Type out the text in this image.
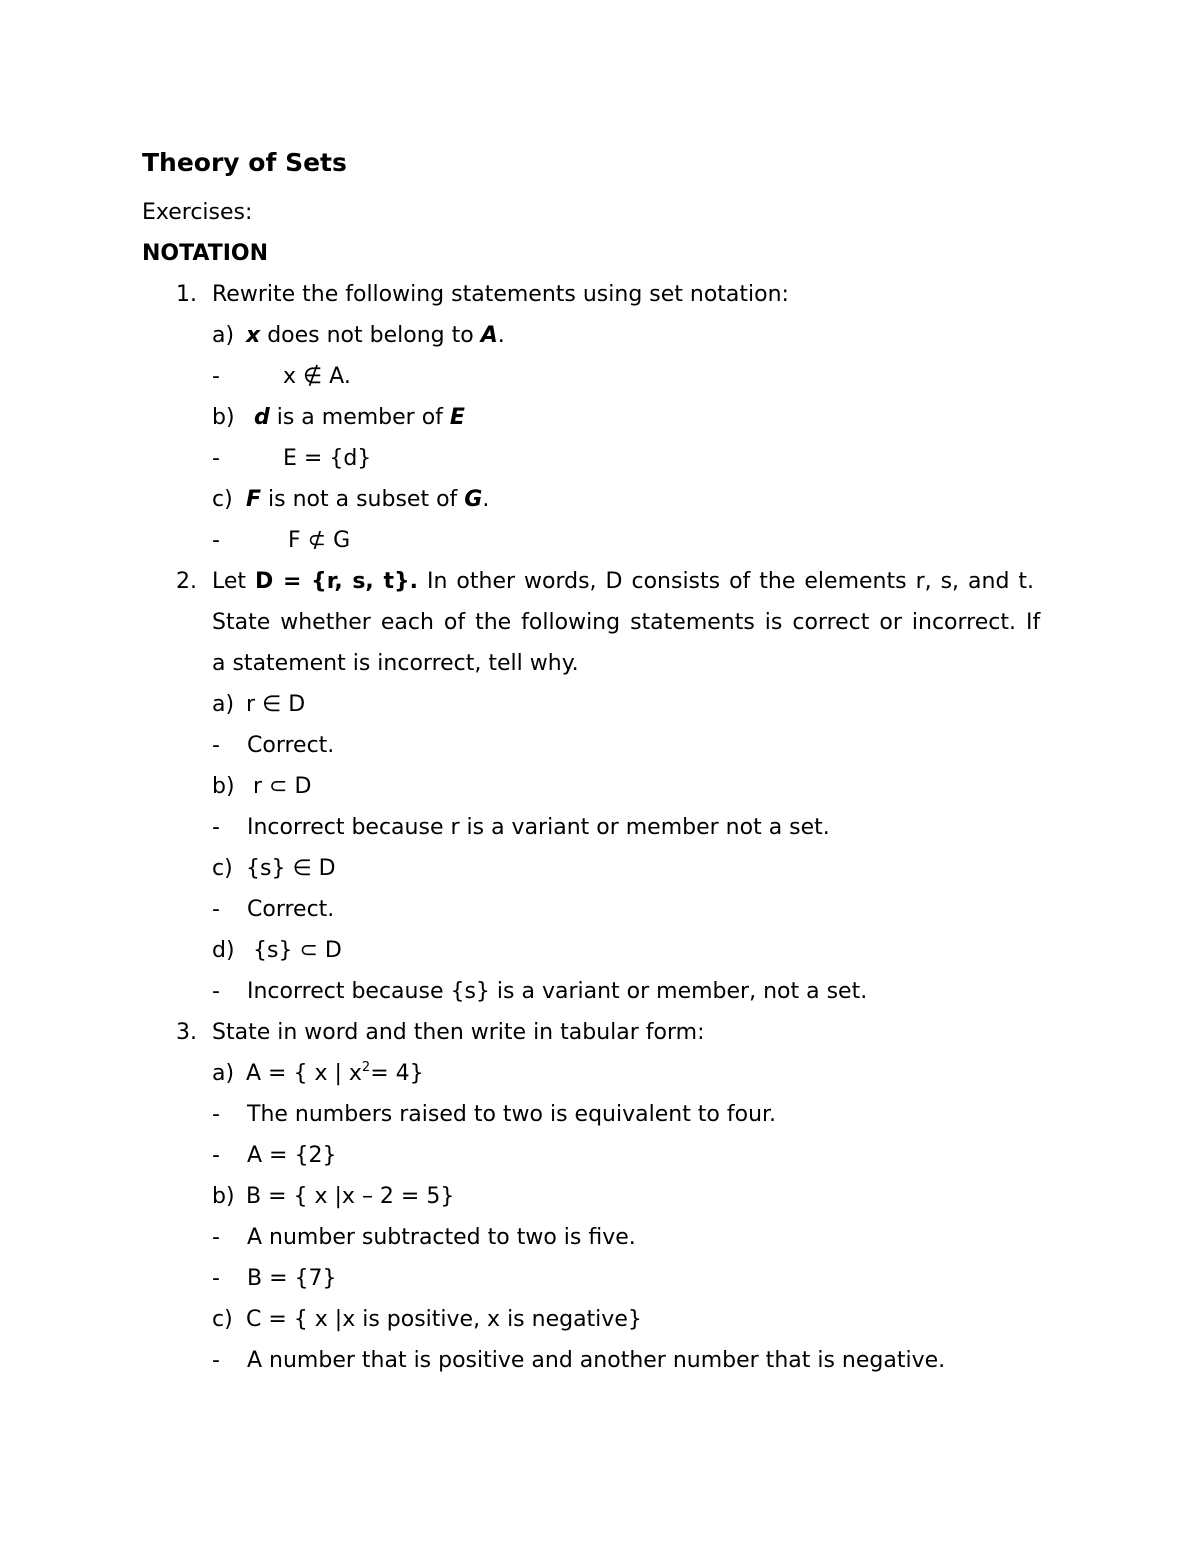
Theory of Sets
Exercises:
NOTATION
1. Rewrite the following statements using set notation:
a) x does not belong to A.
-	x ∉ A.
b) d is a member of E
-	E = {d}
c) F is not a subset of G.
-	F ⊄ G
2. Let D = {r, s, t}. In other words, D consists of the elements r, s, and t.
State whether each of the following statements is correct or incorrect. If
a statement is incorrect, tell why.
a) r ∈ D
- Correct.
b) r ⊂ D
- Incorrect because r is a variant or member not a set.
c) {s} ∈ D
- Correct.
d) {s} ⊂ D
- Incorrect because {s} is a variant or member, not a set.
3. State in word and then write in tabular form:
a) A = { x | $x^2= 4$}
- The numbers raised to two is equivalent to four.
- A = {2}
b) B = { x |x – 2 = 5}
- A number subtracted to two is five.
- B = {7}
c) C = { x |x is positive, x is negative}
- A number that is positive and another number that is negative.
